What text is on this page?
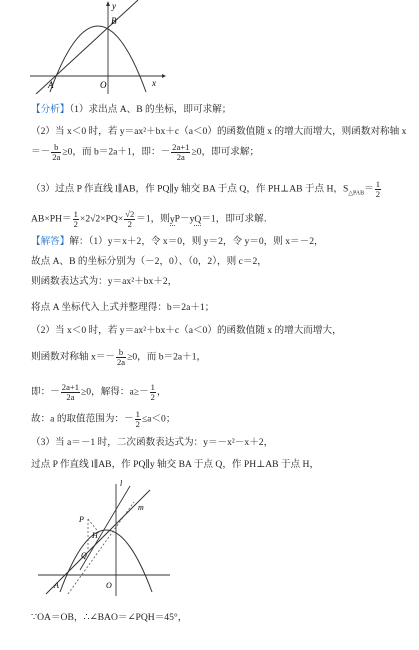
x
y
B
A	O
【分析】（1）求出点 A、B 的坐标，即可求解；
（2）当 x＜0 时，若 y＝ax²＋bx＋c（a＜0）的函数值随 x 的增大而增大，则函数对称轴 x
＝－ $\frac{b}{2a} \ge 0$，而 b＝2a＋1，即：－ $\frac{2a+1}{2a} \ge 0$，即可求解；
（3）过点 P 作直线 l∥AB，作 PQ∥y 轴交 BA 于点 Q，作 PH⊥AB 于点 H，$S_{\triangle PAB}= \frac{1}{2}$
$AB\times PH= \frac{1}{2} \times 2√2\times PQ\times \frac{√2}{2} =1$，则yP－yQ＝1，即可求解．
【解答】解：（1）y＝x＋2，令 x＝0，则 y＝2，令 y＝0，则 x＝－2，
故点 A、B 的坐标分别为（－2，0）、（0，2），则 c＝2，
则函数表达式为：y＝ax²＋bx＋2，
将点 A 坐标代入上式并整理得：b＝2a＋1；
（2）当 x＜0 时，若 y＝ax²＋bx＋c（a＜0）的函数值随 x 的增大而增大，
则函数对称轴 $x=- \frac{b}{2a} \ge 0$，而 b＝2a＋1，
即：－ $\frac{2a+1}{2a} \ge 0$，解得：$a\ge- \frac{1}{2}$ ，
故：a 的取值范围为：－ $\frac{1}{2} \le a<0$；
（3）当 a＝－1 时，二次函数表达式为：y＝－x²－x＋2，
过点 P 作直线 l∥AB，作 PQ∥y 轴交 BA 于点 Q，作 PH⊥AB 于点 H，
l
m
P
H
Q
A	O
∵OA＝OB，∴∠BAO＝∠PQH＝45°，
